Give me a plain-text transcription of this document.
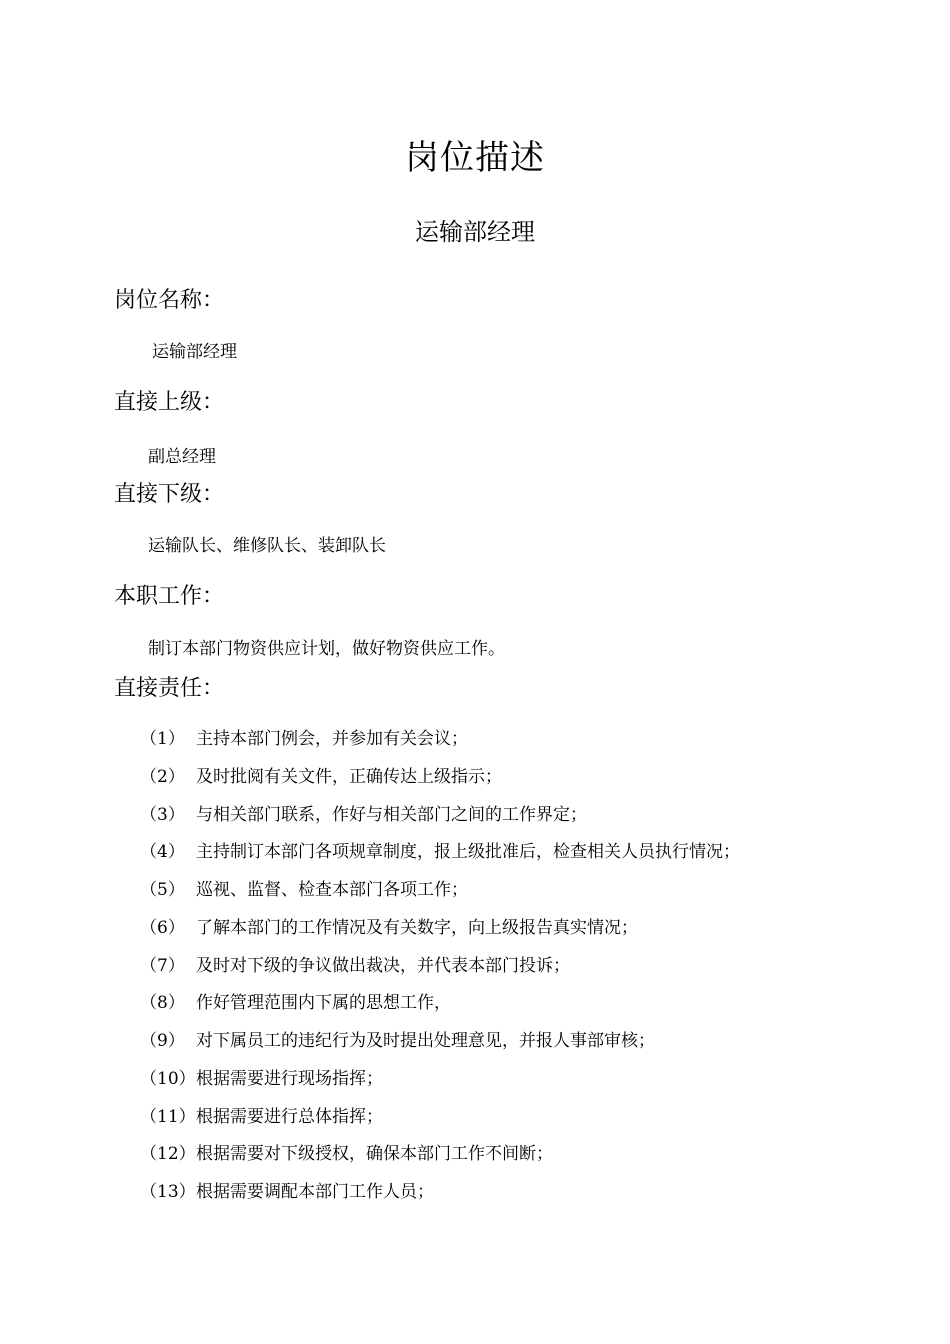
岗位描述
运输部经理
岗位名称：
运输部经理
直接上级：
副总经理
直接下级：
运输队长、维修队长、装卸队长
本职工作：
制订本部门物资供应计划，做好物资供应工作。
直接责任：
（1） 主持本部门例会，并参加有关会议；
（2） 及时批阅有关文件，正确传达上级指示；
（3） 与相关部门联系，作好与相关部门之间的工作界定；
（4） 主持制订本部门各项规章制度，报上级批准后，检查相关人员执行情况；
（5） 巡视、监督、检查本部门各项工作；
（6） 了解本部门的工作情况及有关数字，向上级报告真实情况；
（7） 及时对下级的争议做出裁决，并代表本部门投诉；
（8） 作好管理范围内下属的思想工作，
（9） 对下属员工的违纪行为及时提出处理意见，并报人事部审核；
（10） 根据需要进行现场指挥；
（11） 根据需要进行总体指挥；
（12） 根据需要对下级授权，确保本部门工作不间断；
（13） 根据需要调配本部门工作人员；
